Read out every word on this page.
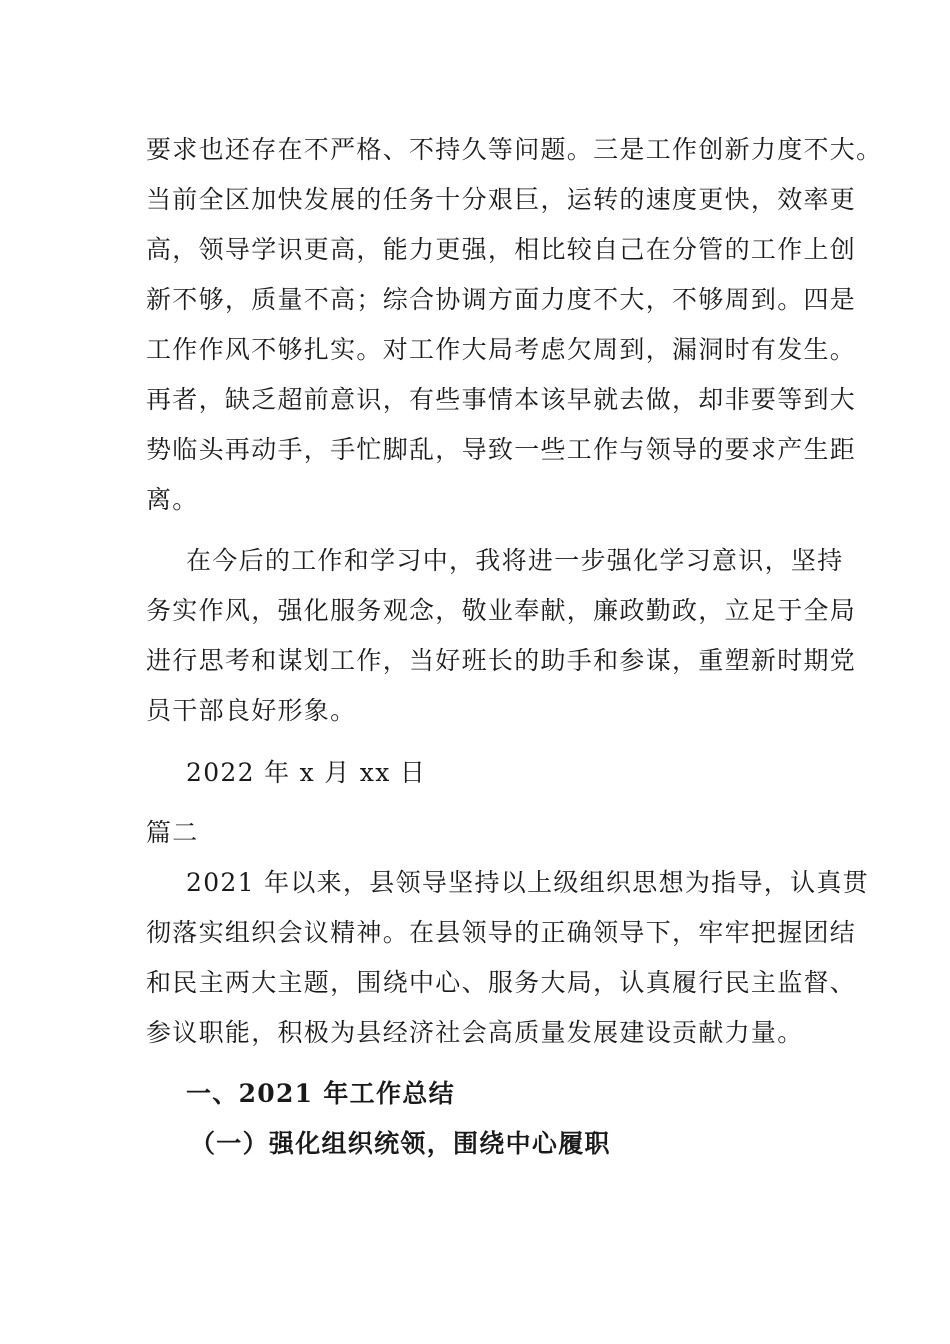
要求也还存在不严格、不持久等问题。三是工作创新力度不大。
当前全区加快发展的任务十分艰巨，运转的速度更快，效率更
高，领导学识更高，能力更强，相比较自己在分管的工作上创
新不够，质量不高；综合协调方面力度不大，不够周到。四是
工作作风不够扎实。对工作大局考虑欠周到，漏洞时有发生。
再者，缺乏超前意识，有些事情本该早就去做，却非要等到大
势临头再动手，手忙脚乱，导致一些工作与领导的要求产生距
离。
在今后的工作和学习中，我将进一步强化学习意识，坚持
务实作风，强化服务观念，敬业奉献，廉政勤政，立足于全局
进行思考和谋划工作，当好班长的助手和参谋，重塑新时期党
员干部良好形象。
2022 年 x 月 xx 日
篇二
2021 年以来，县领导坚持以上级组织思想为指导，认真贯
彻落实组织会议精神。在县领导的正确领导下，牢牢把握团结
和民主两大主题，围绕中心、服务大局，认真履行民主监督、
参议职能，积极为县经济社会高质量发展建设贡献力量。
一、2021 年工作总结
（一）强化组织统领，围绕中心履职
